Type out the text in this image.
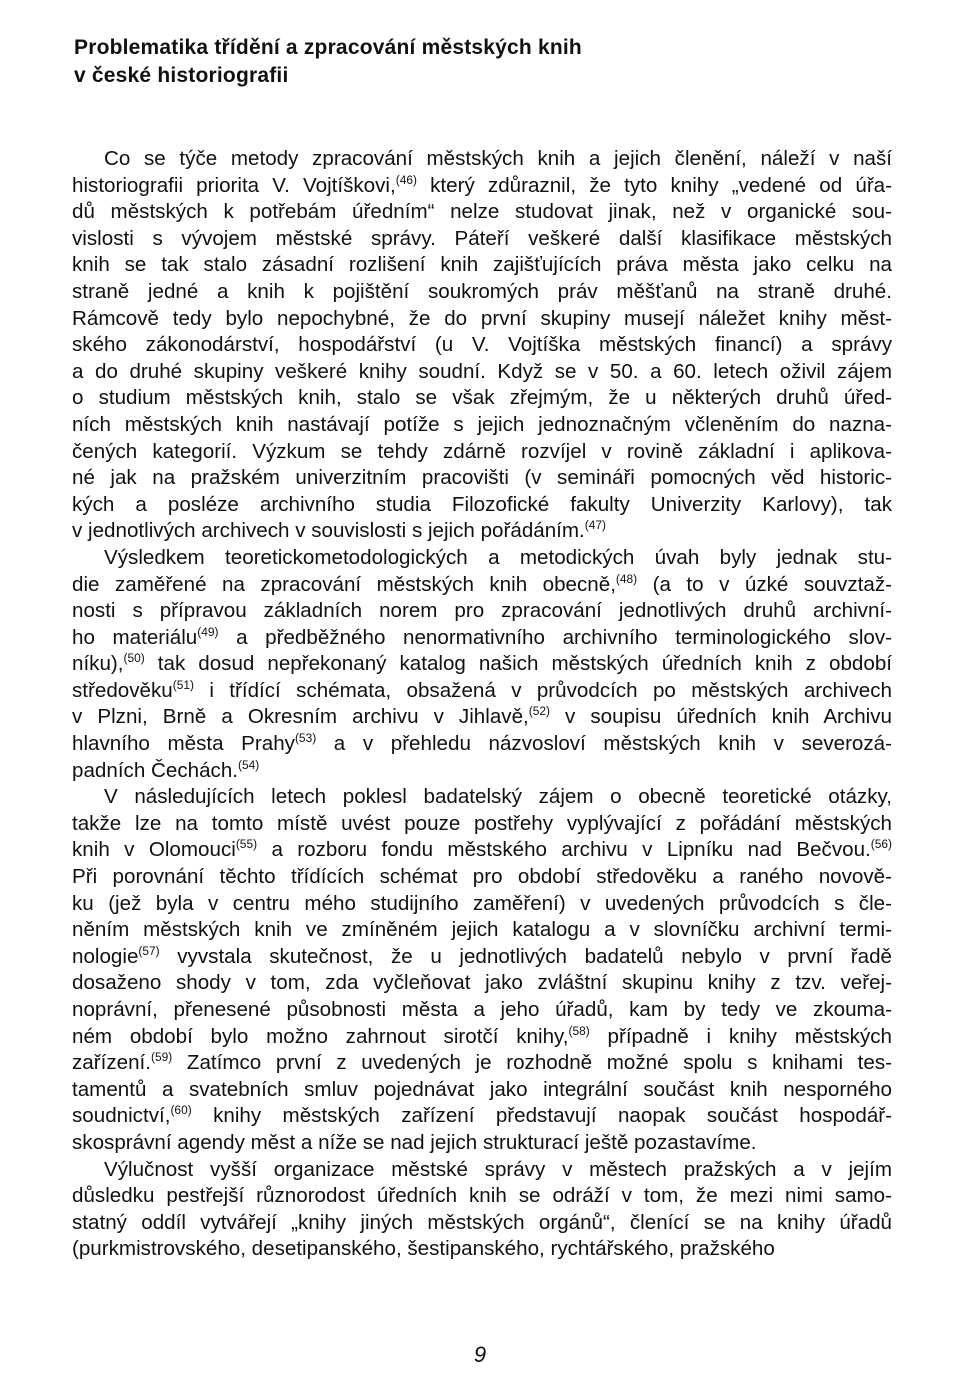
Problematika třídění a zpracování městských knih
v české historiografii
Co se týče metody zpracování městských knih a jejich členění, náleží v naší
historiografii priorita V. Vojtíškovi,$^{(46)}$ který zdůraznil, že tyto knihy „vedené od úřa-
dů městských k potřebám úředním“ nelze studovat jinak, než v organické sou-
vislosti s vývojem městské správy. Páteří veškeré další klasifikace městských
knih se tak stalo zásadní rozlišení knih zajišťujících práva města jako celku na
straně jedné a knih k pojištění soukromých práv měšťanů na straně druhé.
Rámcově tedy bylo nepochybné, že do první skupiny musejí náležet knihy měst-
ského zákonodárství, hospodářství (u V. Vojtíška městských financí) a správy
a do druhé skupiny veškeré knihy soudní. Když se v 50. a 60. letech oživil zájem
o studium městských knih, stalo se však zřejmým, že u některých druhů úřed-
ních městských knih nastávají potíže s jejich jednoznačným včleněním do nazna-
čených kategorií. Výzkum se tehdy zdárně rozvíjel v rovině základní i aplikova-
né jak na pražském univerzitním pracovišti (v semináři pomocných věd historic-
kých a posléze archivního studia Filozofické fakulty Univerzity Karlovy), tak
v jednotlivých archivech v souvislosti s jejich pořádáním.$^{(47)}$
Výsledkem teoretickometodologických a metodických úvah byly jednak stu-
die zaměřené na zpracování městských knih obecně,$^{(48)}$ (a to v úzké souvztaž-
nosti s přípravou základních norem pro zpracování jednotlivých druhů archivní-
ho materiálu$^{(49)}$ a předběžného nenormativního archivního terminologického slov-
níku),$^{(50)}$ tak dosud nepřekonaný katalog našich městských úředních knih z období
středověku$^{(51)}$ i třídící schémata, obsažená v průvodcích po městských archivech
v Plzni, Brně a Okresním archivu v Jihlavě,$^{(52)}$ v soupisu úředních knih Archivu
hlavního města Prahy$^{(53)}$ a v přehledu názvosloví městských knih v severozá-
padních Čechách.$^{(54)}$
V následujících letech poklesl badatelský zájem o obecně teoretické otázky,
takže lze na tomto místě uvést pouze postřehy vyplývající z pořádání městských
knih v Olomouci$^{(55)}$ a rozboru fondu městského archivu v Lipníku nad Bečvou.$^{(56)}$
Při porovnání těchto třídících schémat pro období středověku a raného novově-
ku (jež byla v centru mého studijního zaměření) v uvedených průvodcích s čle-
něním městských knih ve zmíněném jejich katalogu a v slovníčku archivní termi-
nologie$^{(57)}$ vyvstala skutečnost, že u jednotlivých badatelů nebylo v první řadě
dosaženo shody v tom, zda vyčleňovat jako zvláštní skupinu knihy z tzv. veřej-
noprávní, přenesené působnosti města a jeho úřadů, kam by tedy ve zkouma-
ném období bylo možno zahrnout sirotčí knihy,$^{(58)}$ případně i knihy městských
zařízení.$^{(59)}$ Zatímco první z uvedených je rozhodně možné spolu s knihami tes-
tamentů a svatebních smluv pojednávat jako integrální součást knih nesporného
soudnictví,$^{(60)}$ knihy městských zařízení představují naopak součást hospodář-
skosprávní agendy měst a níže se nad jejich strukturací ještě pozastavíme.
Výlučnost vyšší organizace městské správy v městech pražských a v jejím
důsledku pestřejší různorodost úředních knih se odráží v tom, že mezi nimi samo-
statný oddíl vytvářejí „knihy jiných městských orgánů“, členící se na knihy úřadů
(purkmistrovského, desetipanského, šestipanského, rychtářského, pražského
9
